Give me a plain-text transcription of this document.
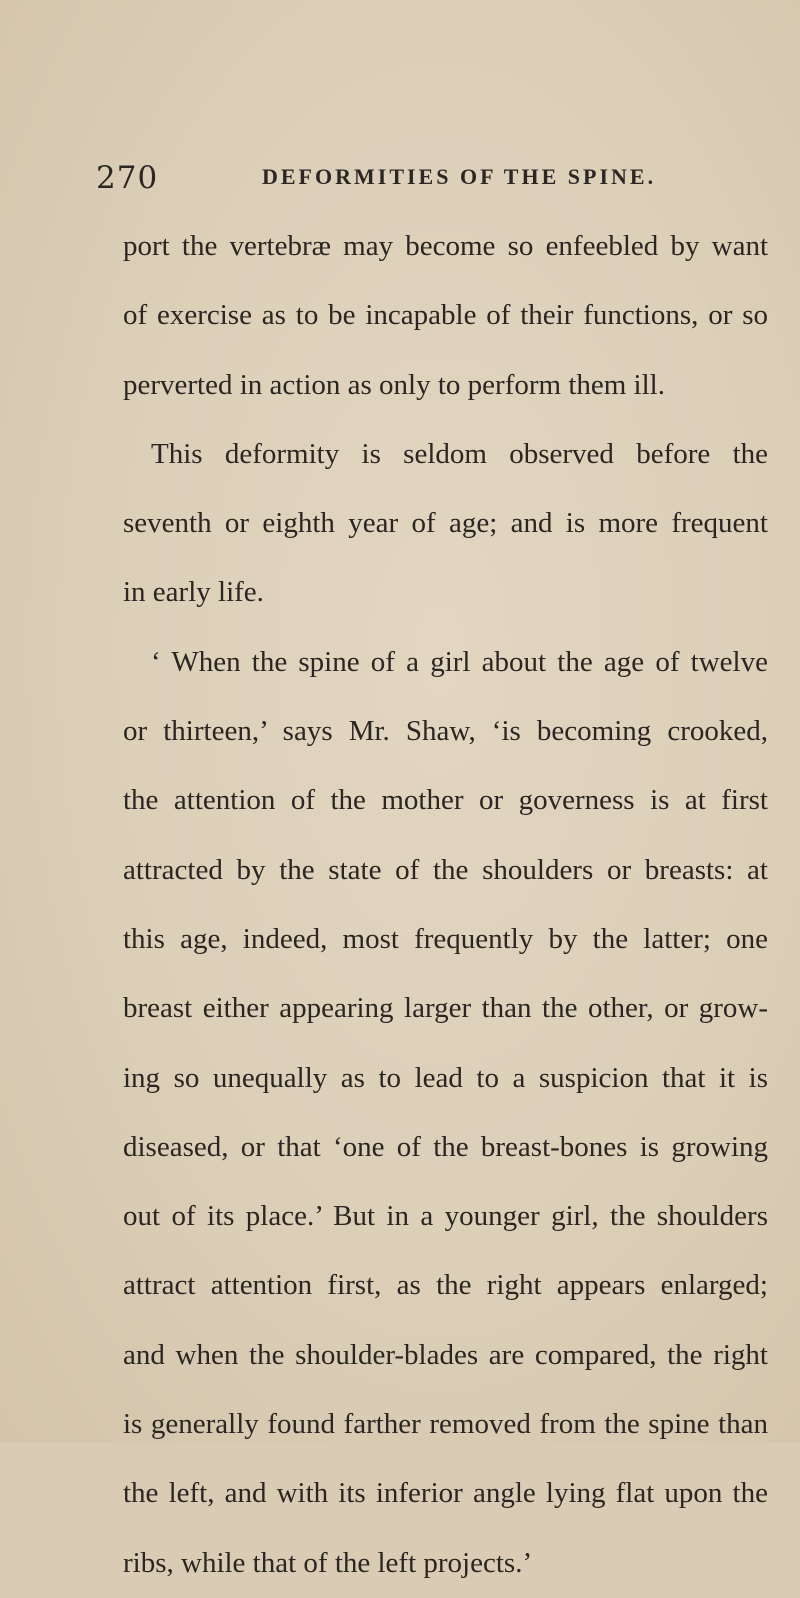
270	DEFORMITIES OF THE SPINE.
port the vertebræ may become so enfeebled by want
of exercise as to be incapable of their functions, or so
perverted in action as only to perform them ill.
This deformity is seldom observed before the
seventh or eighth year of age; and is more frequent
in early life.
‘ When the spine of a girl about the age of twelve
or thirteen,’ says Mr. Shaw, ‘is becoming crooked,
the attention of the mother or governess is at first
attracted by the state of the shoulders or breasts: at
this age, indeed, most frequently by the latter; one
breast either appearing larger than the other, or grow-
ing so unequally as to lead to a suspicion that it is
diseased, or that ‘one of the breast-bones is growing
out of its place.’ But in a younger girl, the shoulders
attract attention first, as the right appears enlarged;
and when the shoulder-blades are compared, the right
is generally found farther removed from the spine than
the left, and with its inferior angle lying flat upon the
ribs, while that of the left projects.’
